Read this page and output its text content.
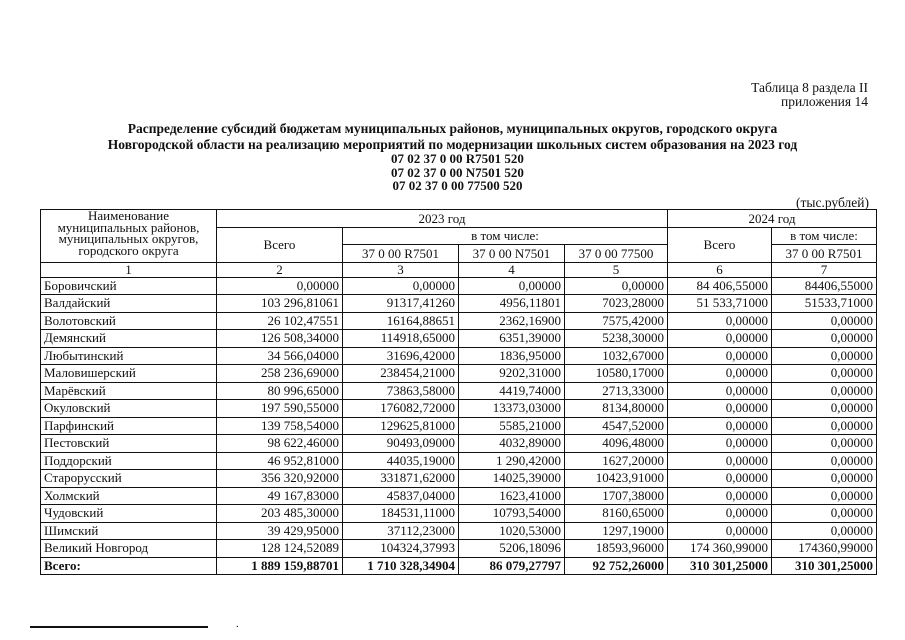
Таблица 8 раздела II
приложения 14
Распределение субсидий бюджетам муниципальных районов, муниципальных округов, городского округа
Новгородской области на реализацию мероприятий по модернизации школьных систем образования на 2023 год
07 02 37 0 00 R7501 520
07 02 37 0 00 N7501 520
07 02 37 0 00 77500 520
(тыс.рублей)
Наименование муниципальных районов, муниципальных округов, городского округа	2023 год				2024 год	
	Всего	в том числе:			Всего	в том числе:
		37 0 00 R7501	37 0 00 N7501	37 0 00 77500		37 0 00 R7501
1	2	3	4	5	6	7
Боровичский	0,00000	0,00000	0,00000	0,00000	84 406,55000	84406,55000
Валдайский	103 296,81061	91317,41260	4956,11801	7023,28000	51 533,71000	51533,71000
Волотовский	26 102,47551	16164,88651	2362,16900	7575,42000	0,00000	0,00000
Демянский	126 508,34000	114918,65000	6351,39000	5238,30000	0,00000	0,00000
Любытинский	34 566,04000	31696,42000	1836,95000	1032,67000	0,00000	0,00000
Маловишерский	258 236,69000	238454,21000	9202,31000	10580,17000	0,00000	0,00000
Марёвский	80 996,65000	73863,58000	4419,74000	2713,33000	0,00000	0,00000
Окуловский	197 590,55000	176082,72000	13373,03000	8134,80000	0,00000	0,00000
Парфинский	139 758,54000	129625,81000	5585,21000	4547,52000	0,00000	0,00000
Пестовский	98 622,46000	90493,09000	4032,89000	4096,48000	0,00000	0,00000
Поддорский	46 952,81000	44035,19000	1 290,42000	1627,20000	0,00000	0,00000
Старорусский	356 320,92000	331871,62000	14025,39000	10423,91000	0,00000	0,00000
Холмский	49 167,83000	45837,04000	1623,41000	1707,38000	0,00000	0,00000
Чудовский	203 485,30000	184531,11000	10793,54000	8160,65000	0,00000	0,00000
Шимский	39 429,95000	37112,23000	1020,53000	1297,19000	0,00000	0,00000
Великий Новгород	128 124,52089	104324,37993	5206,18096	18593,96000	174 360,99000	174360,99000
Всего:	1 889 159,88701	1 710 328,34904	86 079,27797	92 752,26000	310 301,25000	310 301,25000
.
